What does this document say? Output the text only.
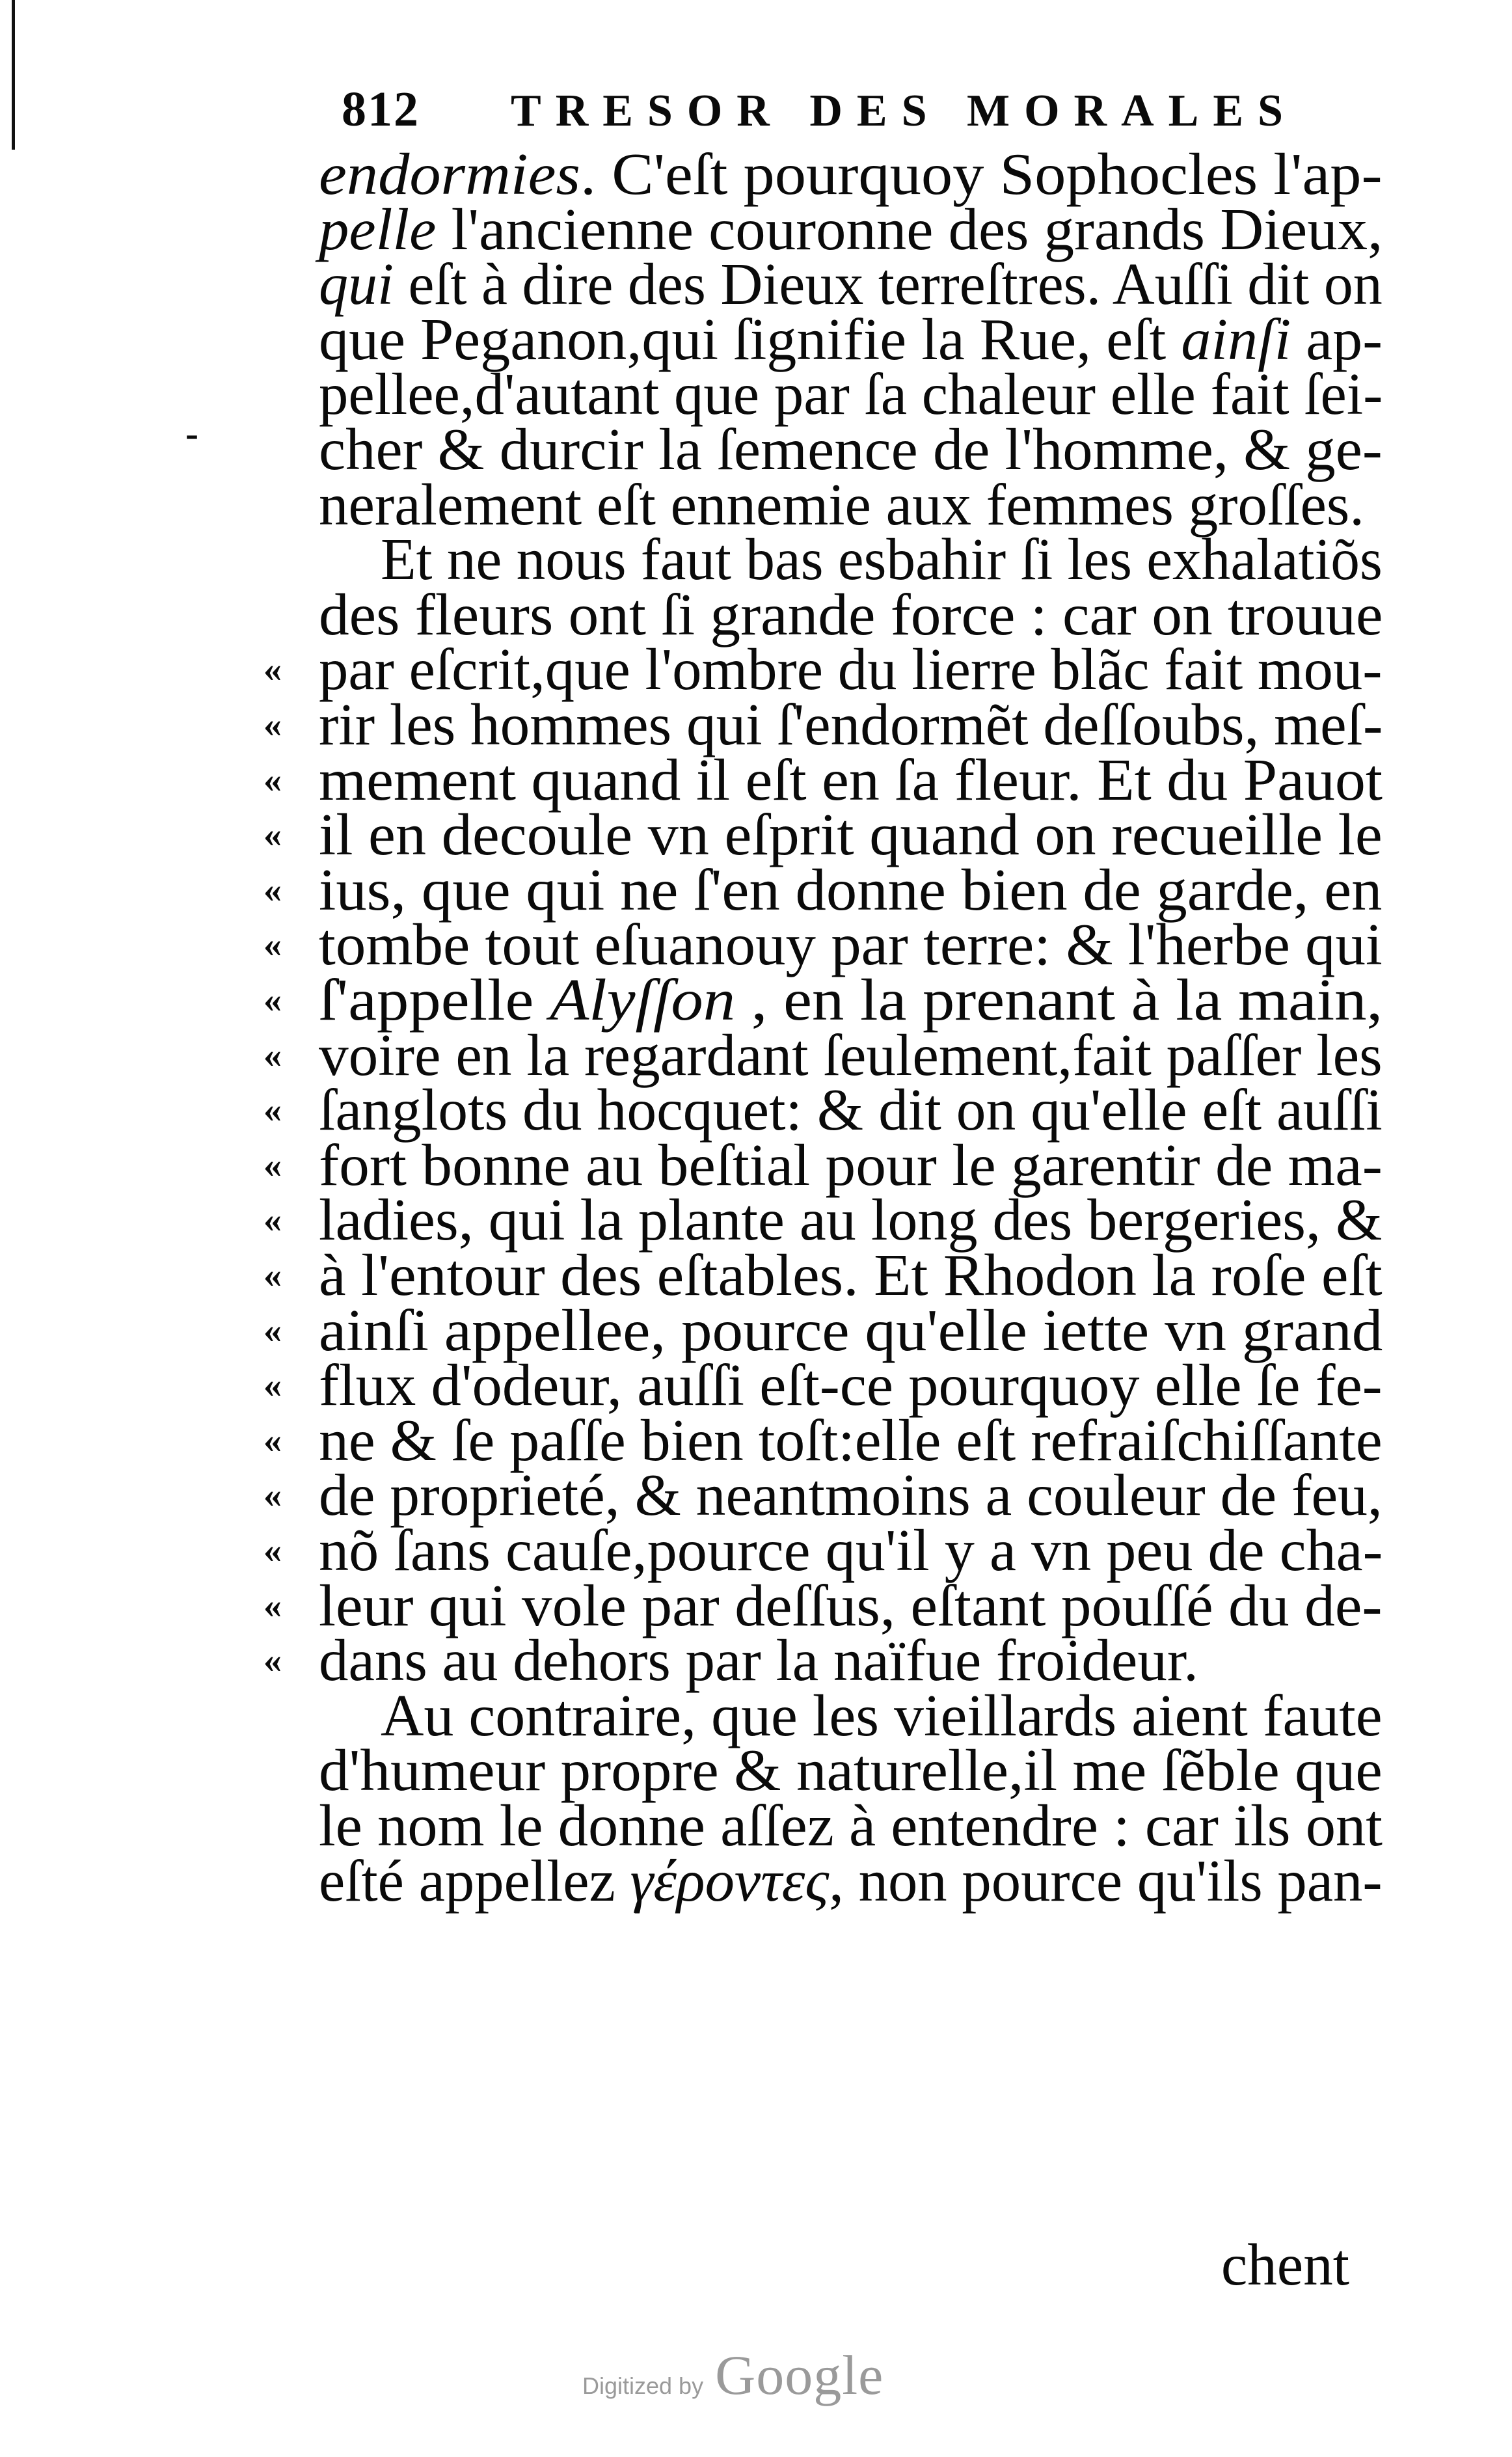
812 TRESOR DES MORALES
endormies. C'eſt pourquoy Sophocles l'ap-
pelle l'ancienne couronne des grands Dieux,
qui eſt à dire des Dieux terreſtres. Auſſi dit on
que Peganon,qui ſignifie la Rue, eſt ainſi ap-
pellee,d'autant que par ſa chaleur elle fait ſei-
cher & durcir la ſemence de l'homme, & ge-
neralement eſt ennemie aux femmes groſſes.
Et ne nous faut bas esbahir ſi les exhalatiõs
des fleurs ont ſi grande force : car on trouue
par eſcrit,que l'ombre du lierre blãc fait mou-
«
rir les hommes qui ſ'endormẽt deſſoubs, meſ-
«
mement quand il eſt en ſa fleur. Et du Pauot
«
il en decoule vn eſprit quand on recueille le
«
ius, que qui ne ſ'en donne bien de garde, en
«
tombe tout eſuanouy par terre: & l'herbe qui
«
ſ'appelle Alyſſon , en la prenant à la main,
«
voire en la regardant ſeulement,fait paſſer les
«
ſanglots du hocquet: & dit on qu'elle eſt auſſi
«
fort bonne au beſtial pour le garentir de ma-
«
ladies, qui la plante au long des bergeries, &
«
à l'entour des eſtables. Et Rhodon la roſe eſt
«
ainſi appellee, pource qu'elle iette vn grand
«
flux d'odeur, auſſi eſt-ce pourquoy elle ſe fe-
«
ne & ſe paſſe bien toſt:elle eſt refraiſchiſſante
«
de proprieté, & neantmoins a couleur de feu,
«
nõ ſans cauſe,pource qu'il y a vn peu de cha-
«
leur qui vole par deſſus, eſtant pouſſé du de-
«
dans au dehors par la naïfue froideur.
«
Au contraire, que les vieillards aient faute
d'humeur propre & naturelle,il me ſẽble que
le nom le donne aſſez à entendre : car ils ont
eſté appellez γέροντες, non pource qu'ils pan-
-
chent
Digitized by Google
